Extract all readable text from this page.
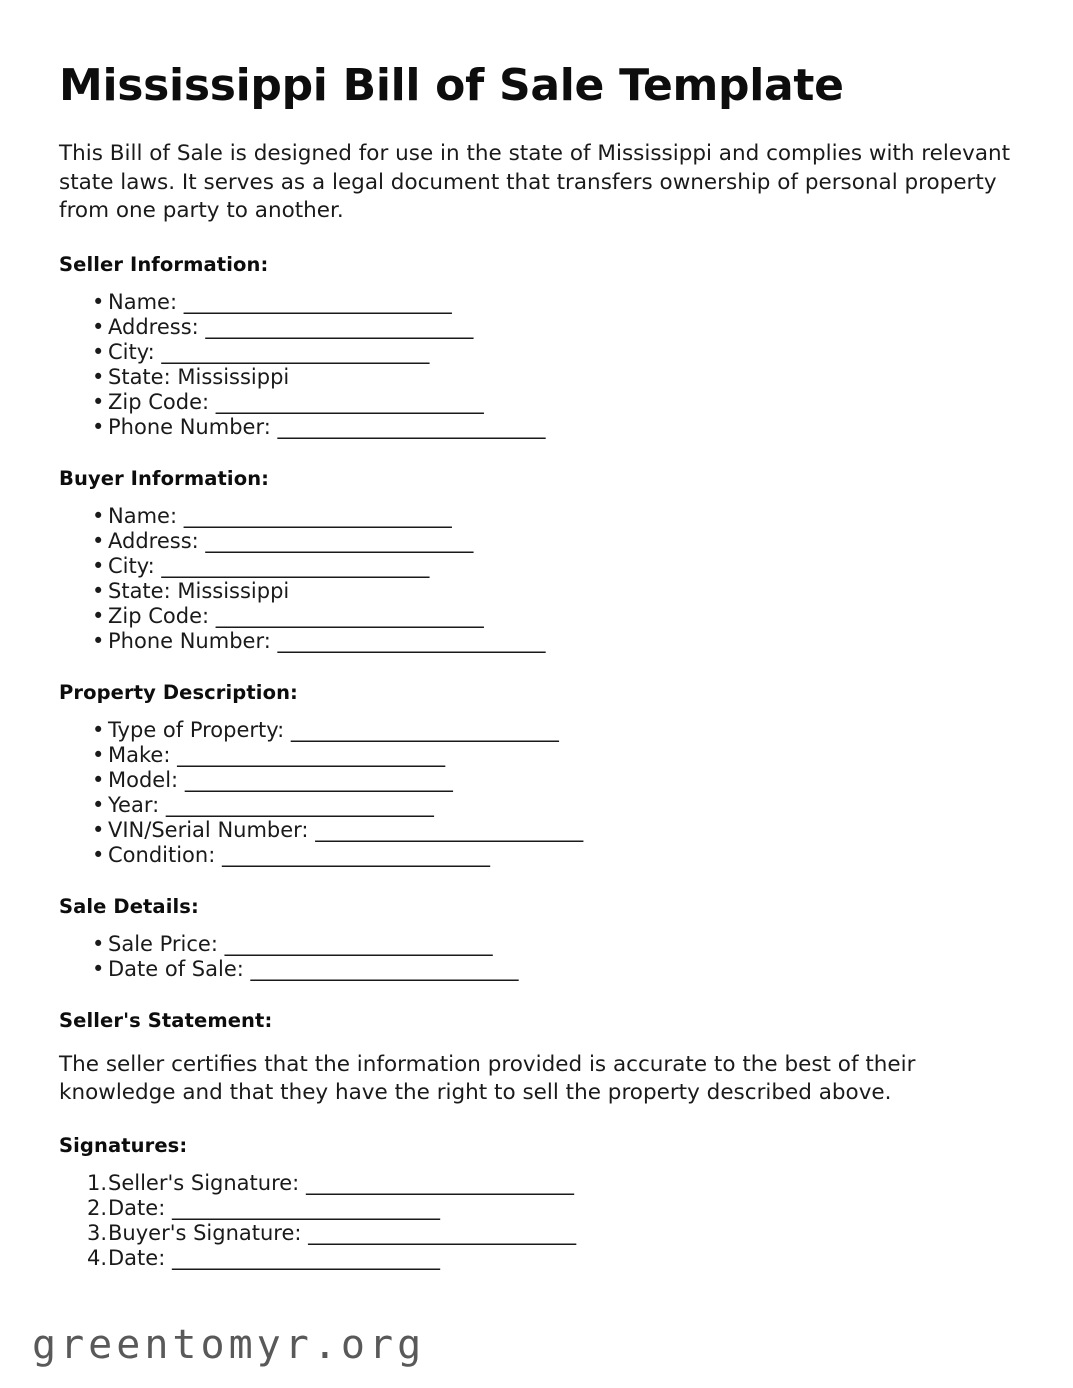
Mississippi Bill of Sale Template

This Bill of Sale is designed for use in the state of Mississippi and complies with relevant state laws. It serves as a legal document that transfers ownership of personal property from one party to another.

Seller Information:
• Name: __________________________
• Address: __________________________
• City: __________________________
• State: Mississippi
• Zip Code: __________________________
• Phone Number: __________________________
Buyer Information:
• Name: __________________________
• Address: __________________________
• City: __________________________
• State: Mississippi
• Zip Code: __________________________
• Phone Number: __________________________
Property Description:
• Type of Property: __________________________
• Make: __________________________
• Model: __________________________
• Year: __________________________
• VIN/Serial Number: __________________________
• Condition: __________________________
Sale Details:
• Sale Price: __________________________
• Date of Sale: __________________________
Seller's Statement:

The seller certifies that the information provided is accurate to the best of their knowledge and that they have the right to sell the property described above.

Signatures:
Seller's Signature: __________________________
Date: __________________________
Buyer's Signature: __________________________
Date: __________________________
greentomyr.org
